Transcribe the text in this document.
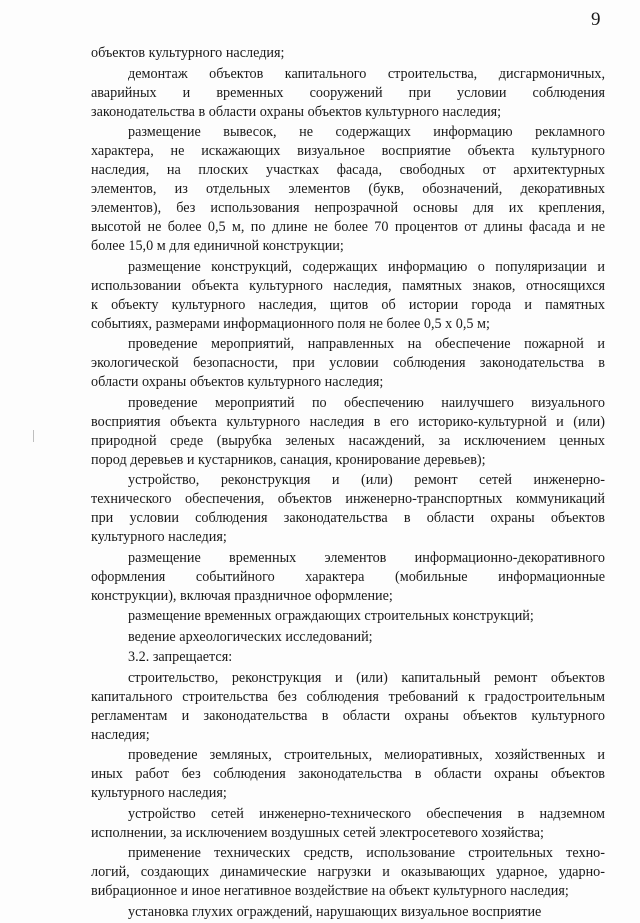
9
объектов культурного наследия;
демонтаж объектов капитального строительства, дисгармоничных,
аварийных и временных сооружений при условии соблюдения
законодательства в области охраны объектов культурного наследия;
размещение вывесок, не содержащих информацию рекламного
характера, не искажающих визуальное восприятие объекта культурного
наследия, на плоских участках фасада, свободных от архитектурных
элементов, из отдельных элементов (букв, обозначений, декоративных
элементов), без использования непрозрачной основы для их крепления,
высотой не более 0,5 м, по длине не более 70 процентов от длины фасада и не
более 15,0 м для единичной конструкции;
размещение конструкций, содержащих информацию о популяризации и
использовании объекта культурного наследия, памятных знаков, относящихся
к объекту культурного наследия, щитов об истории города и памятных
событиях, размерами информационного поля не более 0,5 х 0,5 м;
проведение мероприятий, направленных на обеспечение пожарной и
экологической безопасности, при условии соблюдения законодательства в
области охраны объектов культурного наследия;
проведение мероприятий по обеспечению наилучшего визуального
восприятия объекта культурного наследия в его историко-культурной и (или)
природной среде (вырубка зеленых насаждений, за исключением ценных
пород деревьев и кустарников, санация, кронирование деревьев);
устройство, реконструкция и (или) ремонт сетей инженерно-
технического обеспечения, объектов инженерно-транспортных коммуникаций
при условии соблюдения законодательства в области охраны объектов
культурного наследия;
размещение временных элементов информационно-декоративного
оформления событийного характера (мобильные информационные
конструкции), включая праздничное оформление;
размещение временных ограждающих строительных конструкций;
ведение археологических исследований;
3.2. запрещается:
строительство, реконструкция и (или) капитальный ремонт объектов
капитального строительства без соблюдения требований к градостроительным
регламентам и законодательства в области охраны объектов культурного
наследия;
проведение земляных, строительных, мелиоративных, хозяйственных и
иных работ без соблюдения законодательства в области охраны объектов
культурного наследия;
устройство сетей инженерно-технического обеспечения в надземном
исполнении, за исключением воздушных сетей электросетевого хозяйства;
применение технических средств, использование строительных техно-
логий, создающих динамические нагрузки и оказывающих ударное, ударно-
вибрационное и иное негативное воздействие на объект культурного наследия;
установка глухих ограждений, нарушающих визуальное восприятие
